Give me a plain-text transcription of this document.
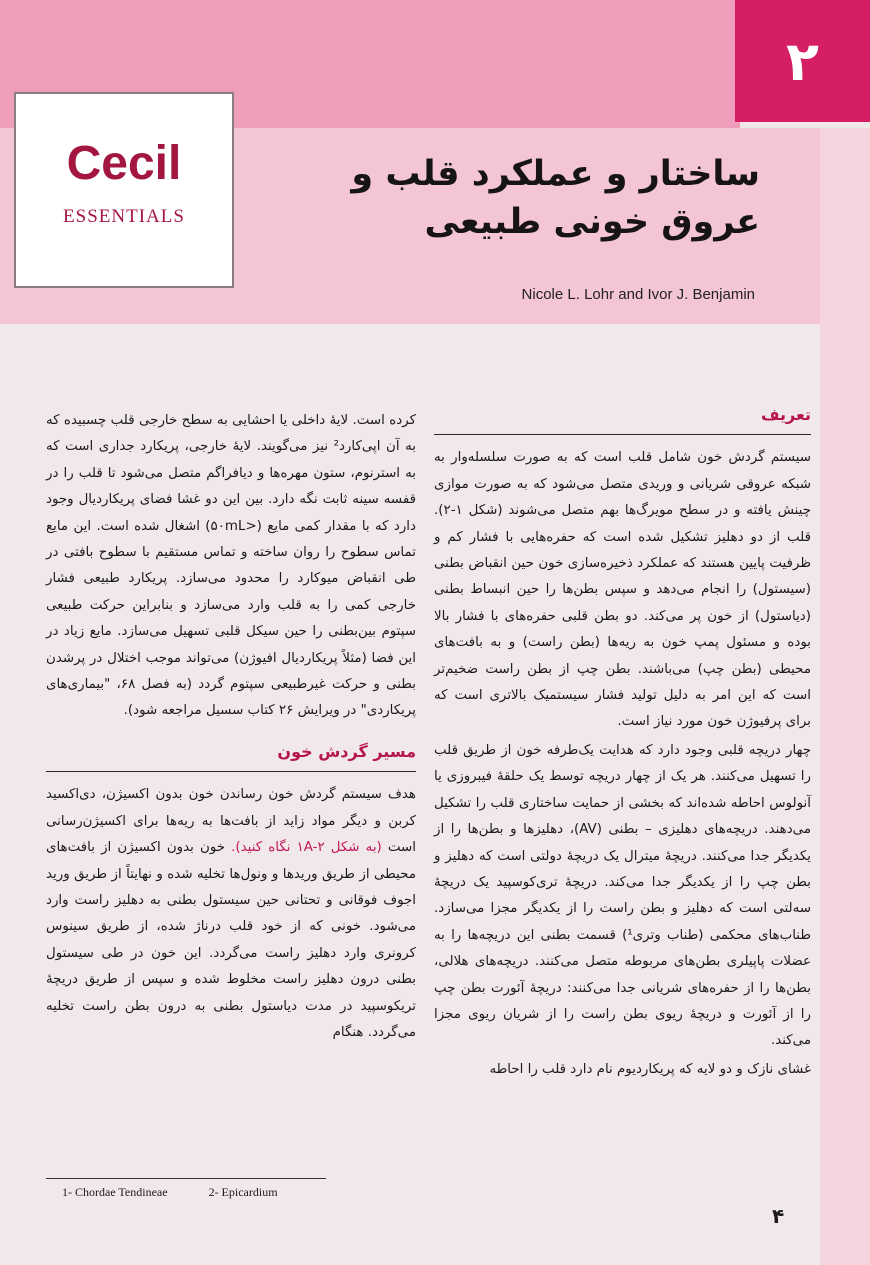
۲
Cecil
ESSENTIALS
ساختار و عملکرد قلب و عروق خونی طبیعی

Nicole L. Lohr and Ivor J. Benjamin

تعریف

سیستم گردش خون شامل قلب است که به صورت سلسله‌وار به شبکه عروقی شریانی و وریدی متصل می‌شود که به صورت موازی چینش یافته و در سطح مویرگ‌ها بهم متصل می‌شوند (شکل ۱-۲). قلب از دو دهلیز تشکیل شده است که حفره‌هایی با فشار کم و ظرفیت پایین هستند که عملکرد ذخیره‌سازی خون حین انقباض بطنی (سیستول) را انجام می‌دهد و سپس بطن‌ها را حین انبساط بطنی (دیاستول) از خون پر می‌کند. دو بطن قلبی حفره‌های با فشار بالا بوده و مسئول پمپ خون به ریه‌ها (بطن راست) و به بافت‌های محیطی (بطن چپ) می‌باشند. بطن چپ از بطن راست ضخیم‌تر است که این امر به دلیل تولید فشار سیستمیک بالاتری است که برای پرفیوژن خون مورد نیاز است.

چهار دریچه قلبی وجود دارد که هدایت یک‌طرفه خون از طریق قلب را تسهیل می‌کنند. هر یک از چهار دریچه توسط یک حلقهٔ فیبروزی یا آنولوس احاطه شده‌اند که بخشی از حمایت ساختاری قلب را تشکیل می‌دهند. دریچه‌های دهلیزی – بطنی (AV)، دهلیزها و بطن‌ها را از یکدیگر جدا می‌کنند. دریچهٔ میترال یک دریچهٔ دولتی است که دهلیز و بطن چپ را از یکدیگر جدا می‌کند. دریچهٔ تری‌کوسپید یک دریچهٔ سه‌لتی است که دهلیز و بطن راست را از یکدیگر مجزا می‌سازد. طناب‌های محکمی (طناب وتری¹) قسمت بطنی این دریچه‌ها را به عضلات پاپیلری بطن‌های مربوطه متصل می‌کنند. دریچه‌های هلالی، بطن‌ها را از حفره‌های شریانی جدا می‌کنند: دریچهٔ آئورت بطن چپ را از آئورت و دریچهٔ ریوی بطن راست را از شریان ریوی مجزا می‌کند.

غشای نازک و دو لایه که پریکاردیوم نام دارد قلب را احاطه

کرده است. لایهٔ داخلی یا احشایی به سطح خارجی قلب چسبیده که به آن اپی‌کارد² نیز می‌گویند. لایهٔ خارجی، پریکارد جداری است که به استرنوم، ستون مهره‌ها و دیافراگم متصل می‌شود تا قلب را در قفسه سینه ثابت نگه دارد. بین این دو غشا فضای پریکاردیال وجود دارد که با مقدار کمی مایع (<۵۰mL) اشغال شده است. این مایع تماس سطوح را روان ساخته و تماس مستقیم با سطوح بافتی در طی انقباض میوکارد را محدود می‌سازد. پریکارد طبیعی فشار خارجی کمی را به قلب وارد می‌سازد و بنابراین حرکت طبیعی سپتوم بین‌بطنی را حین سیکل قلبی تسهیل می‌سازد. مایع زیاد در این فضا (مثلاً پریکاردیال افیوژن) می‌تواند موجب اختلال در پرشدن بطنی و حرکت غیرطبیعی سپتوم گردد (به فصل ۶۸، "بیماری‌های پریکاردی" در ویرایش ۲۶ کتاب سسیل مراجعه شود).

مسیر گردش خون

هدف سیستم گردش خون رساندن خون بدون اکسیژن، دی‌اکسید کربن و دیگر مواد زاید از بافت‌ها به ریه‌ها برای اکسیژن‌رسانی است (به شکل ۱A-۲ نگاه کنید). خون بدون اکسیژن از بافت‌های محیطی از طریق وریدها و ونول‌ها تخلیه شده و نهایتاً از طریق ورید اجوف فوقانی و تحتانی حین سیستول بطنی به دهلیز راست وارد می‌شود. خونی که از خود قلب درناژ شده، از طریق سینوس کرونری وارد دهلیز راست می‌گردد. این خون در طی سیستول بطنی درون دهلیز راست مخلوط شده و سپس از طریق دریچهٔ تریکوسپید در مدت دیاستول بطنی به درون بطن راست تخلیه می‌گردد. هنگام

1- Chordae Tendineae	2- Epicardium
۴
